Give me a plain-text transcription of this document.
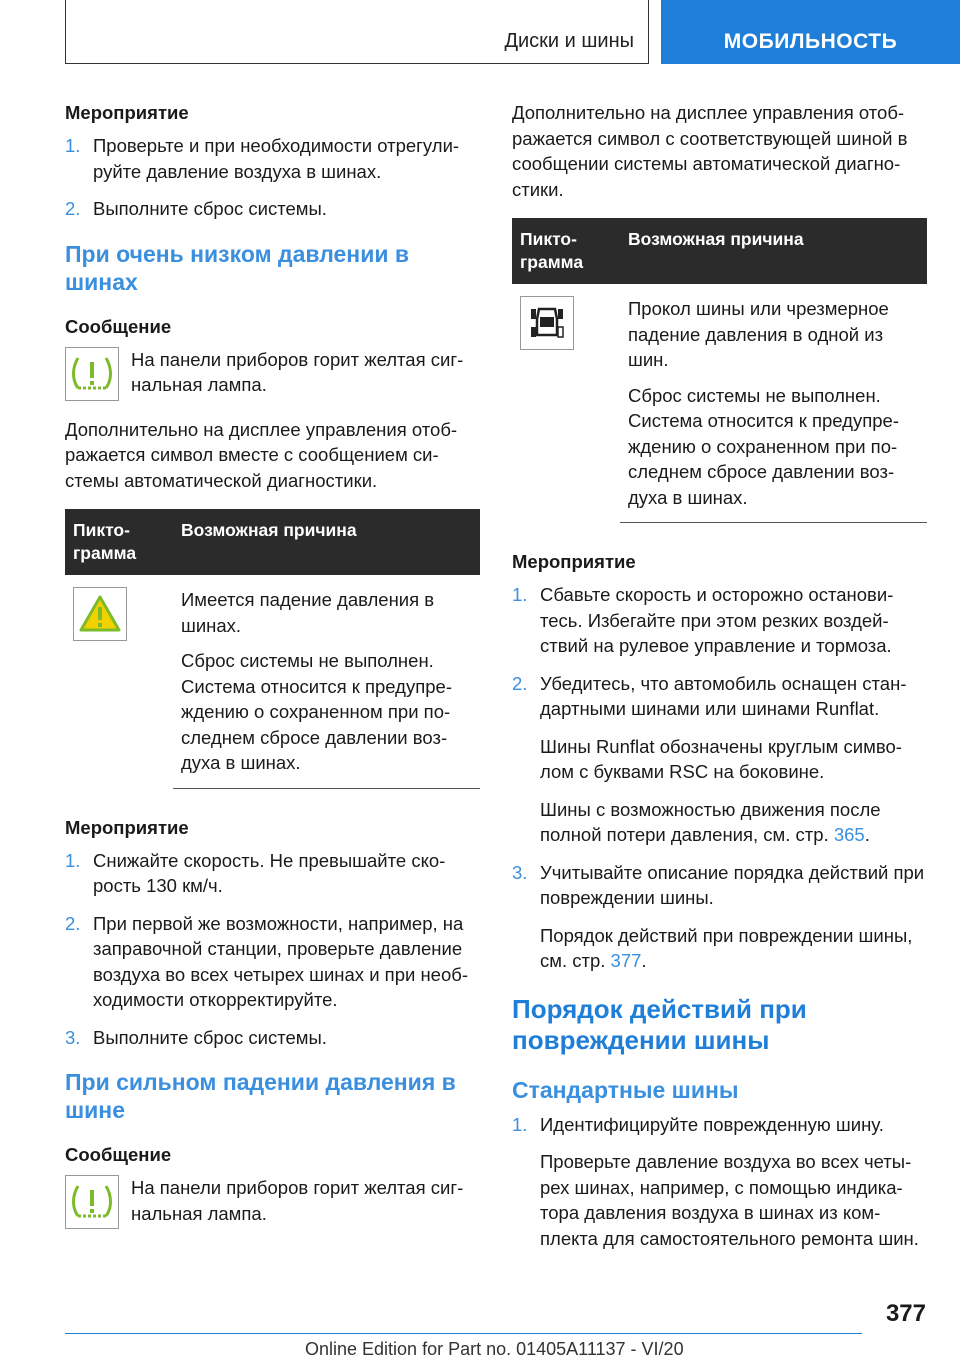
Диски и шины	МОБИЛЬНОСТЬ
Мероприятие
1. Проверьте и при необходимости отрегулируйте давление воздуха в шинах.
2. Выполните сброс системы.
При очень низком давлении в шинах
Сообщение
На панели приборов горит желтая сигнальная лампа.

Дополнительно на дисплее управления отображается символ вместе с сообщением системы автоматической диагностики.

Пиктограмма	Возможная причина

Имеется падение давления в шинах.

Сброс системы не выполнен. Система относится к предупреждению о сохраненном при последнем сбросе давлении воздуха в шинах.

Мероприятие
1. Снижайте скорость. Не превышайте скорость 130 км/ч.
2. При первой же возможности, например, на заправочной станции, проверьте давление воздуха во всех четырех шинах и при необходимости откорректируйте.
3. Выполните сброс системы.
При сильном падении давления в шине
Сообщение
На панели приборов горит желтая сигнальная лампа.

Дополнительно на дисплее управления отображается символ с соответствующей шиной в сообщении системы автоматической диагностики.

Пиктограмма	Возможная причина

Прокол шины или чрезмерное падение давления в одной из шин.

Сброс системы не выполнен. Система относится к предупреждению о сохраненном при последнем сбросе давлении воздуха в шинах.

Мероприятие
1. Сбавьте скорость и осторожно остановитесь. Избегайте при этом резких воздействий на рулевое управление и тормоза.
2. Убедитесь, что автомобиль оснащен стандартными шинами или шинами Runflat.
Шины Runflat обозначены круглым символом с буквами RSC на боковине.
Шины с возможностью движения после полной потери давления, см. стр. 365.
3. Учитывайте описание порядка действий при повреждении шины.
Порядок действий при повреждении шины, см. стр. 377.
Порядок действий при повреждении шины
Стандартные шины
1. Идентифицируйте поврежденную шину.
Проверьте давление воздуха во всех четырех шинах, например, с помощью индикатора давления воздуха в шинах из комплекта для самостоятельного ремонта шин.
377
Online Edition for Part no. 01405A11137 - VI/20
